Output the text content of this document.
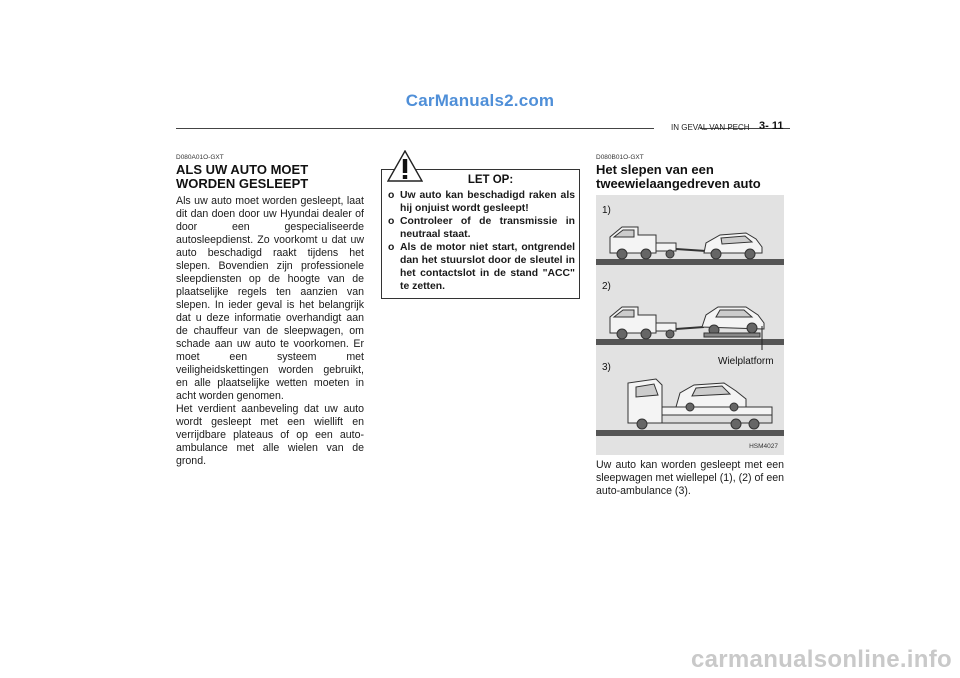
CarManuals2.com
IN GEVAL VAN PECH 3- 11
D080A01O-GXT
ALS UW AUTO MOET WORDEN GESLEEPT

Als uw auto moet worden gesleept, laat dit dan doen door uw Hyundai dealer of door een gespecialiseerde autosleepdienst. Zo voorkomt u dat uw auto beschadigd raakt tijdens het slepen. Bovendien zijn professionele sleepdiensten op de hoogte van de plaatselijke regels ten aanzien van slepen. In ieder geval is het belangrijk dat u deze informatie overhandigt aan de chauffeur van de sleepwagen, om schade aan uw auto te voorkomen. Er moet een systeem met veiligheidskettingen worden gebruikt, en alle plaatselijke wetten moeten in acht worden genomen.
Het verdient aanbeveling dat uw auto wordt gesleept met een wiellift en verrijdbare plateaus of op een auto-ambulance met alle wielen van de grond.

LET OP:
o Uw auto kan beschadigd raken als hij onjuist wordt gesleept!
o Controleer of de transmissie in neutraal staat.
o Als de motor niet start, ontgrendel dan het stuurslot door de sleutel in het contactslot in de stand "ACC" te zetten.
D080B01O-GXT
Het slepen van een tweewielaangedreven auto
1)
2)
3)
Wielplatform
HSM4027

Uw auto kan worden gesleept met een sleepwagen met wiellepel (1), (2) of een auto-ambulance (3).

carmanualsonline.info
